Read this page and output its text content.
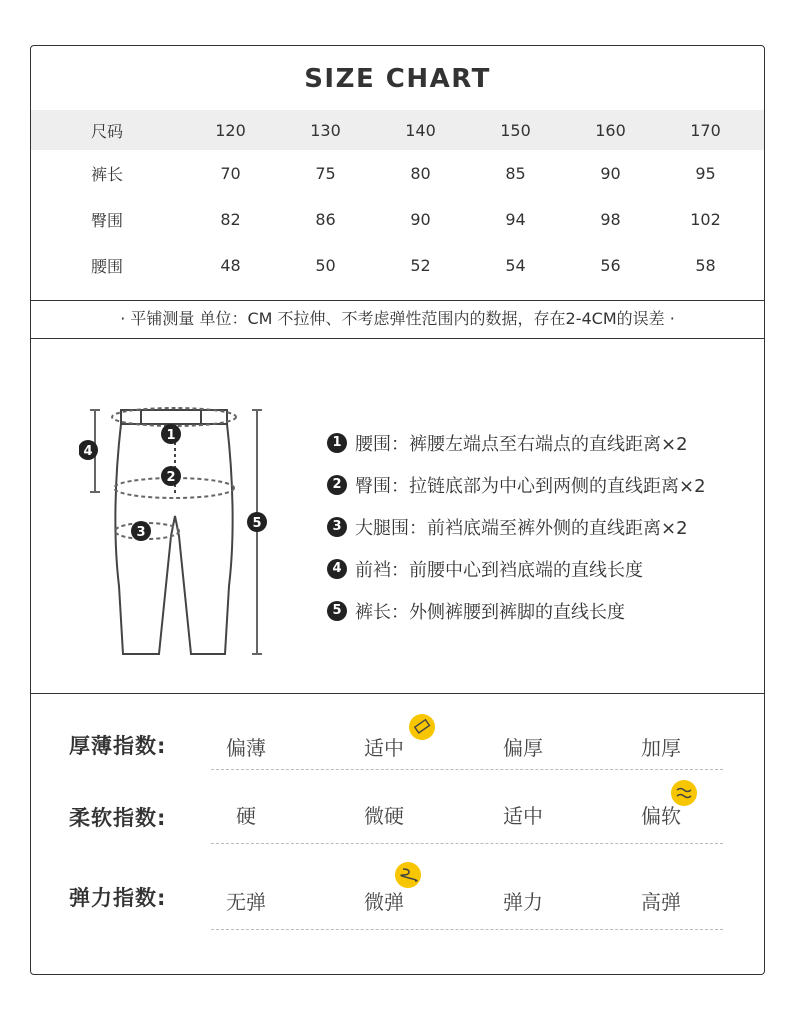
SIZE CHART
尺码	120	130	140	150	160	170	
裤长	70	75	80	85	90	95	
臀围	82	86	90	94	98	102	
腰围	48	50	52	54	56	58	
· 平铺测量 单位：CM 不拉伸、不考虑弹性范围内的数据，存在2-4CM的误差 ·
1
2
3
4
5
1 腰围：裤腰左端点至右端点的直线距离×2
2 臀围：拉链底部为中心到两侧的直线距离×2
3 大腿围：前裆底端至裤外侧的直线距离×2
4 前裆：前腰中心到裆底端的直线长度
5 裤长：外侧裤腰到裤脚的直线长度
厚薄指数:	偏薄	适中	偏厚	加厚
柔软指数:	硬	微硬	适中	偏软
弹力指数:	无弹	微弹	弹力	高弹
